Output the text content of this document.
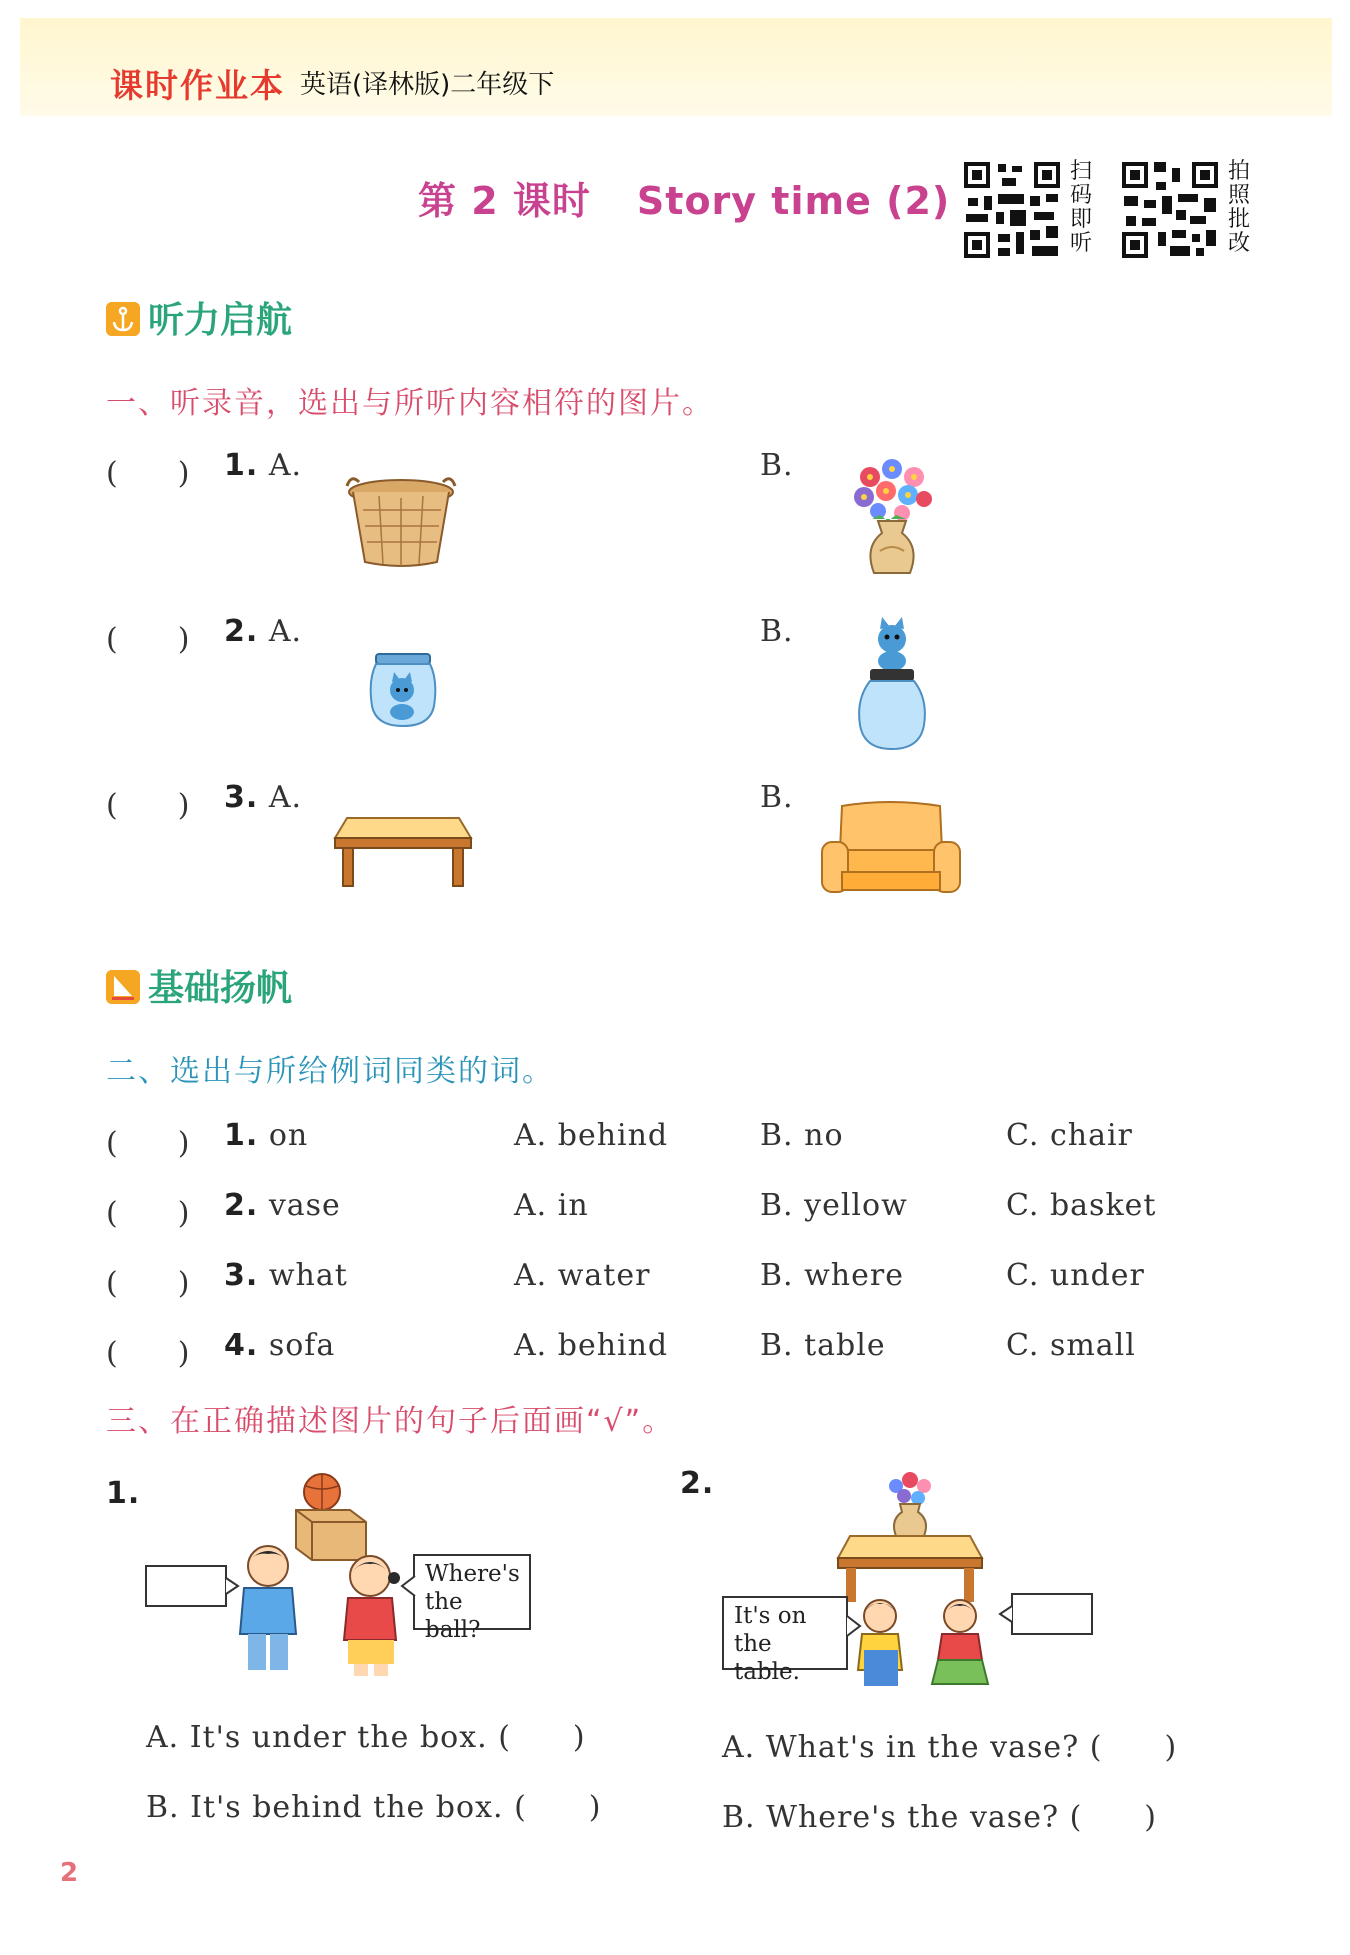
课时作业本 英语(译林版)二年级下
第 2 课时 Story time (2)
扫码即听
拍照批改
听力启航
一、听录音，选出与所听内容相符的图片。
(　　) 1. A.	B.
(　　) 2. A.	B.
(　　) 3. A.	B.
基础扬帆
二、选出与所给例词同类的词。
(　　) 1. on	A. behind	B. no	C. chair
(　　) 2. vase	A. in	B. yellow	C. basket
(　　) 3. what	A. water	B. where	C. under
(　　) 4. sofa	A. behind	B. table	C. small
三、在正确描述图片的句子后面画“√”。
1.	2.
Where's
the ball?
It's on the
table.
A. It's under the box. (　　)
B. It's behind the box. (　　)
A. What's in the vase? (　　)
B. Where's the vase? (　　)
2
